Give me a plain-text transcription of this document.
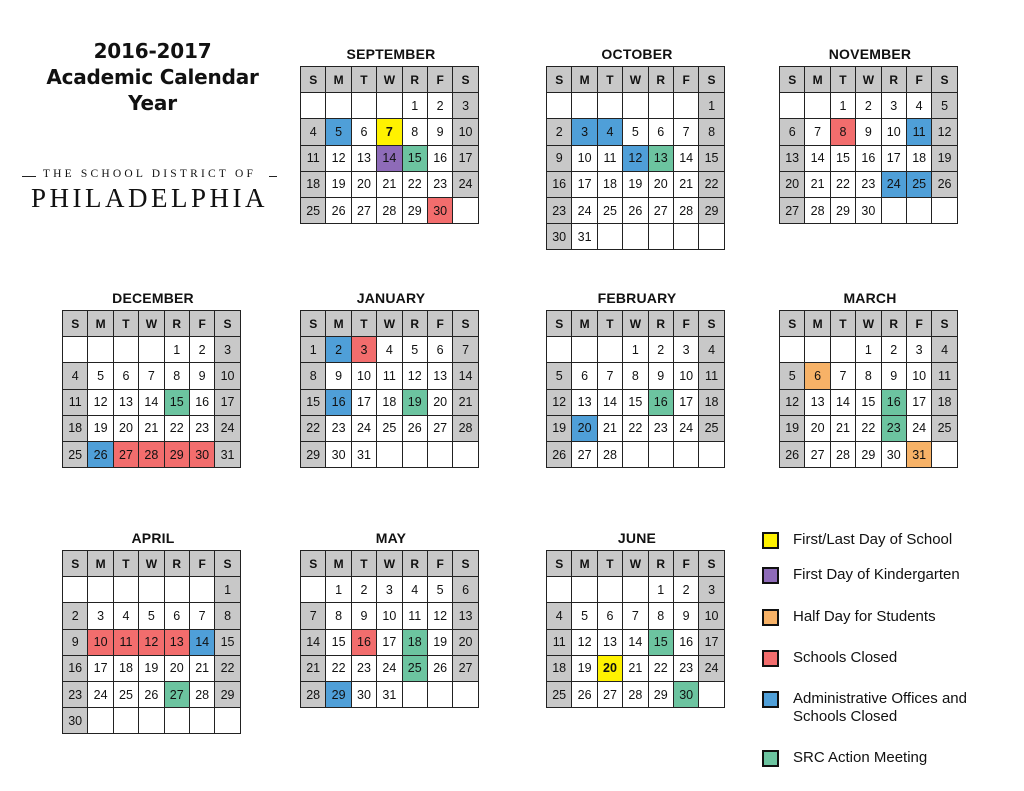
2016-2017
Academic Calendar Year
THE SCHOOL DISTRICT OF
PHILADELPHIA
SEPTEMBER
S	M	T	W	R	F	S
				1	2	3
4	5	6	7	8	9	10
11	12	13	14	15	16	17
18	19	20	21	22	23	24
25	26	27	28	29	30	
OCTOBER
S	M	T	W	R	F	S
						1
2	3	4	5	6	7	8
9	10	11	12	13	14	15
16	17	18	19	20	21	22
23	24	25	26	27	28	29
30	31					
NOVEMBER
S	M	T	W	R	F	S
		1	2	3	4	5
6	7	8	9	10	11	12
13	14	15	16	17	18	19
20	21	22	23	24	25	26
27	28	29	30			
DECEMBER
S	M	T	W	R	F	S
				1	2	3
4	5	6	7	8	9	10
11	12	13	14	15	16	17
18	19	20	21	22	23	24
25	26	27	28	29	30	31
JANUARY
S	M	T	W	R	F	S
1	2	3	4	5	6	7
8	9	10	11	12	13	14
15	16	17	18	19	20	21
22	23	24	25	26	27	28
29	30	31				
FEBRUARY
S	M	T	W	R	F	S
			1	2	3	4
5	6	7	8	9	10	11
12	13	14	15	16	17	18
19	20	21	22	23	24	25
26	27	28				
MARCH
S	M	T	W	R	F	S
			1	2	3	4
5	6	7	8	9	10	11
12	13	14	15	16	17	18
19	20	21	22	23	24	25
26	27	28	29	30	31	
APRIL
S	M	T	W	R	F	S
						1
2	3	4	5	6	7	8
9	10	11	12	13	14	15
16	17	18	19	20	21	22
23	24	25	26	27	28	29
30						
MAY
S	M	T	W	R	F	S
	1	2	3	4	5	6
7	8	9	10	11	12	13
14	15	16	17	18	19	20
21	22	23	24	25	26	27
28	29	30	31			
JUNE
S	M	T	W	R	F	S
				1	2	3
4	5	6	7	8	9	10
11	12	13	14	15	16	17
18	19	20	21	22	23	24
25	26	27	28	29	30	
First/Last Day of School
First Day of Kindergarten
Half Day for Students
Schools Closed
Administrative Offices and Schools Closed
SRC Action Meeting
